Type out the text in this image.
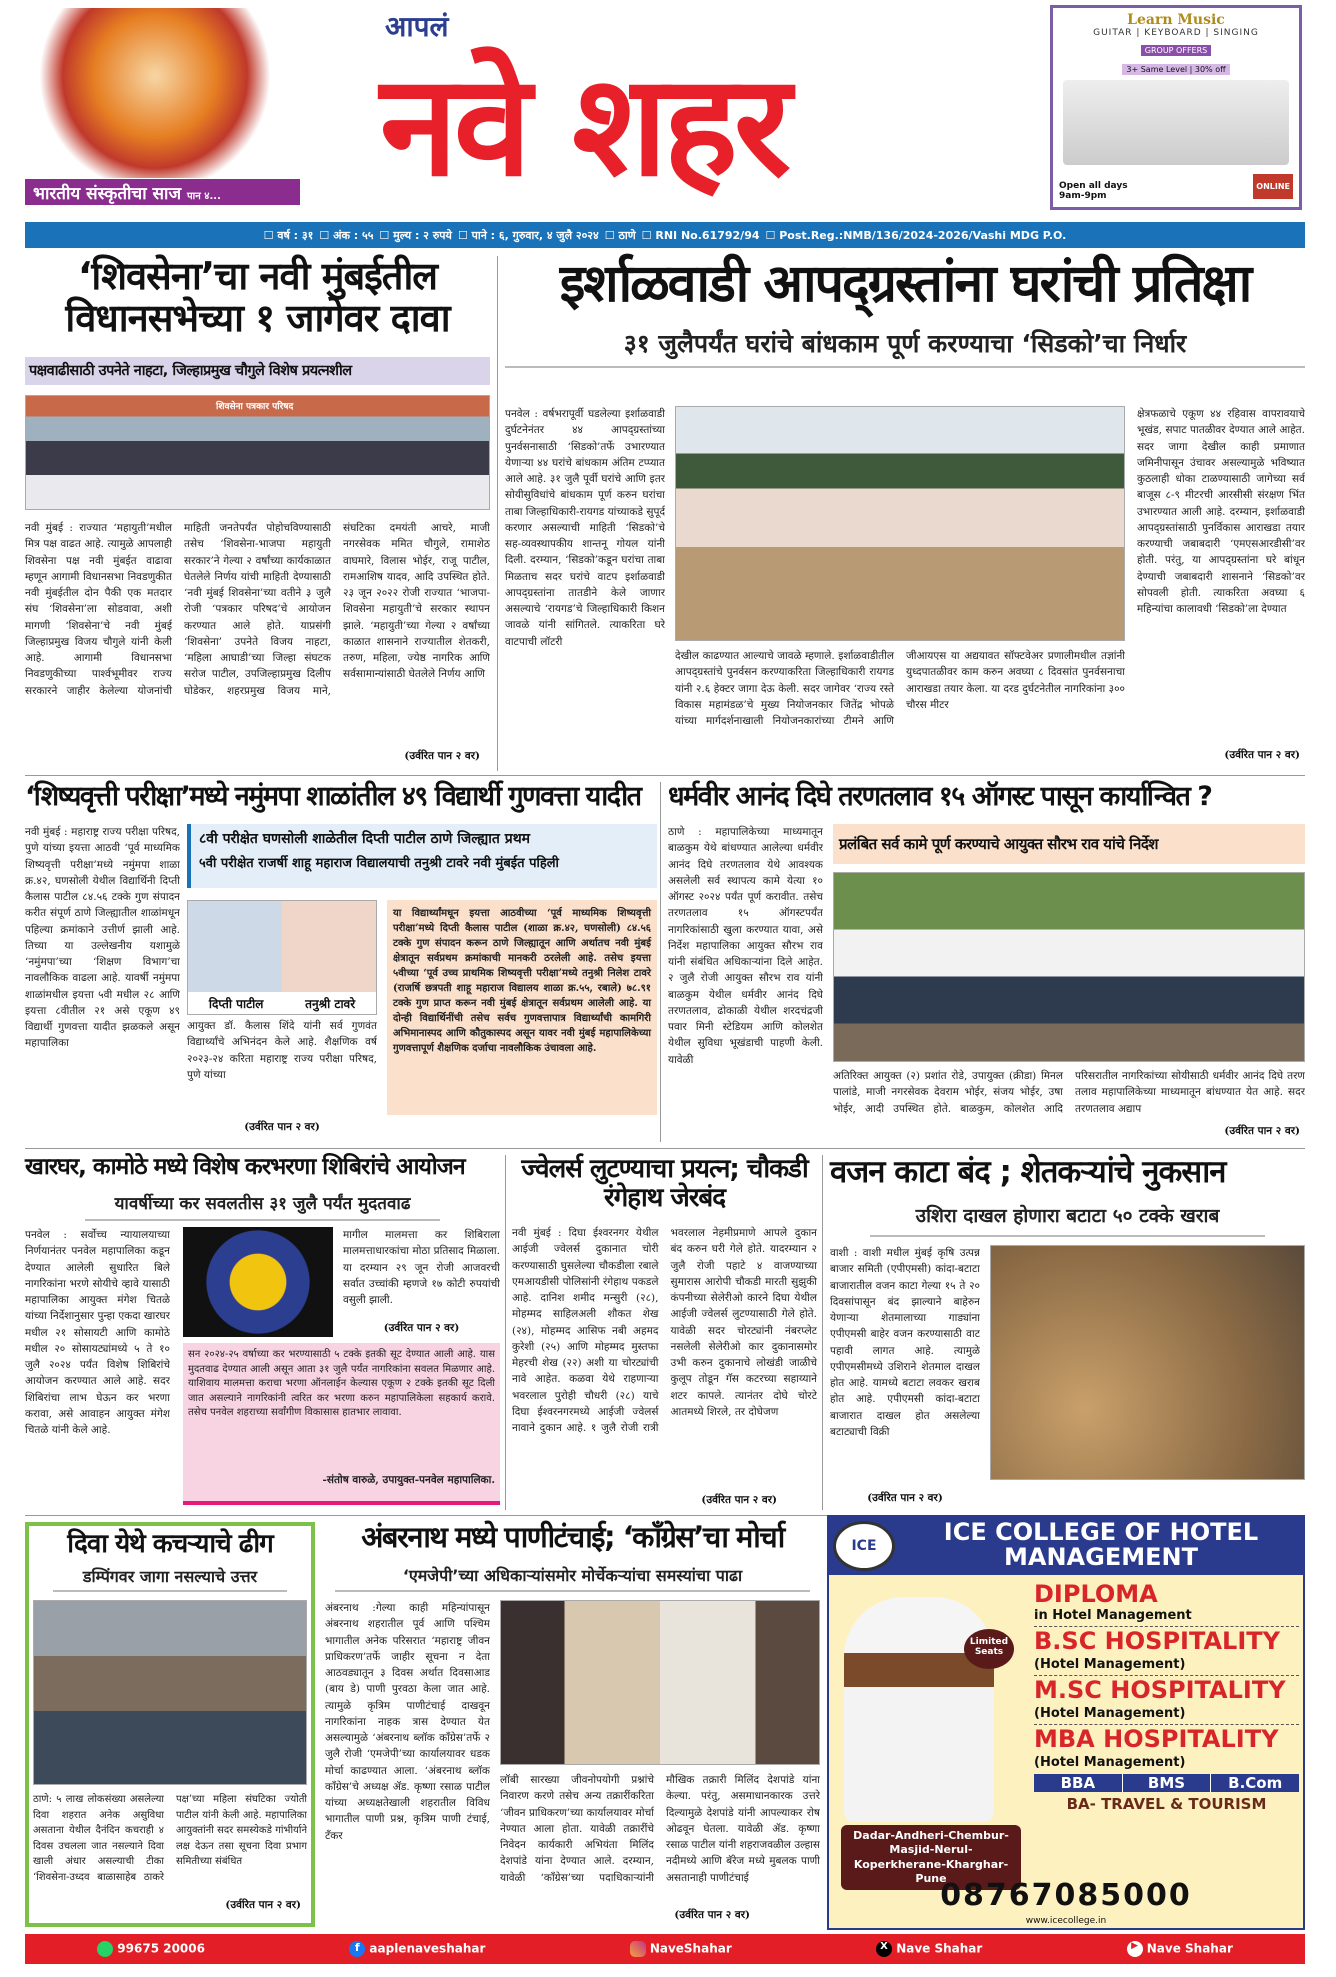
भारतीय संस्कृतीचा साज पान ४...
आपलं
नवे शहर
Learn Music
GUITAR | KEYBOARD | SINGING
GROUP OFFERS
3+ Same Level | 30% off
Open all days
9am-9pm
ONLINE
☐ वर्ष : ३१ ☐ अंक : ५५ ☐ मुल्य : २ रुपये ☐ पाने : ६, गुरुवार, ४ जुलै २०२४ ☐ ठाणे ☐ RNI No.61792/94 ☐ Post.Reg.:NMB/136/2024-2026/Vashi MDG P.O.
‘शिवसेना’चा नवी मुंबईतील विधानसभेच्या १ जागेवर दावा
पक्षवाढीसाठी उपनेते नाहटा, जिल्हाप्रमुख चौगुले विशेष प्रयत्नशील
शिवसेना पत्रकार परिषद
नवी मुंबई : राज्यात ‘महायुती’मधील मित्र पक्ष वाढत आहे. त्यामुळे आपलाही शिवसेना पक्ष नवी मुंबईत वाढावा म्हणून आगामी विधानसभा निवडणुकीत नवी मुंबईतील दोन पैकी एक मतदार संघ ‘शिवसेना’ला सोडवावा, अशी मागणी ‘शिवसेना’चे नवी मुंबई जिल्हाप्रमुख विजय चौगुले यांनी केली आहे. आगामी विधानसभा निवडणुकीच्या पार्श्वभूमीवर राज्य सरकारने जाहीर केलेल्या योजनांची माहिती जनतेपर्यंत पोहोचविण्यासाठी तसेच ‘शिवसेना-भाजपा महायुती सरकार’ने गेल्या २ वर्षांच्या कार्यकाळात घेतलेले निर्णय यांची माहिती देण्यासाठी ‘नवी मुंबई शिवसेना’च्या वतीने ३ जुलै रोजी ‘पत्रकार परिषद’चे आयोजन करण्यात आले होते. याप्रसंगी ‘शिवसेना’ उपनेते विजय नाहटा, ‘महिला आघाडी’च्या जिल्हा संघटक सरोज पाटील, उपजिल्हाप्रमुख दिलीप घोडेकर, शहरप्रमुख विजय माने, संघटिका दमयंती आचरे, माजी नगरसेवक ममित चौगुले, रामाशेठ वाघमारे, विलास भोईर, राजू पाटील, रामआशिष यादव, आदि उपस्थित होते. २३ जून २०२२ रोजी राज्यात ‘भाजपा-शिवसेना महायुती’चे सरकार स्थापन झाले. ‘महायुती’च्या गेल्या २ वर्षांच्या काळात शासनाने राज्यातील शेतकरी, तरुण, महिला, ज्येष्ठ नागरिक आणि सर्वसामान्यांसाठी घेतलेले निर्णय आणि
(उर्वरित पान २ वर)
इर्शाळवाडी आपद्ग्रस्तांना घरांची प्रतिक्षा
३१ जुलैपर्यंत घरांचे बांधकाम पूर्ण करण्याचा ‘सिडको’चा निर्धार
पनवेल : वर्षभरापूर्वी घडलेल्या इर्शाळवाडी दुर्घटनेनंतर ४४ आपद्ग्रस्तांच्या पुनर्वसनासाठी ‘सिडको’तर्फे उभारण्यात येणाऱ्या ४४ घरांचे बांधकाम अंतिम टप्प्यात आले आहे. ३१ जुलै पूर्वी घरांचे आणि इतर सोयीसुविधांचे बांधकाम पूर्ण करुन घरांचा ताबा जिल्हाधिकारी-रायगड यांच्याकडे सुपूर्द करणार असल्याची माहिती ‘सिडको’चे सह-व्यवस्थापकीय शान्तनू गोयल यांनी दिली. दरम्यान, ‘सिडको’कडून घरांचा ताबा मिळताच सदर घरांचे वाटप इर्शाळवाडी आपद्ग्रस्तांना तातडीने केले जाणार असल्याचे ‘रायगड’चे जिल्हाधिकारी किशन जावळे यांनी सांगितले. त्याकरिता घरे वाटपाची लॉटरी
देखील काढण्यात आल्याचे जावळे म्हणाले. इर्शाळवाडीतील आपद्ग्रस्तांचे पुनर्वसन करण्याकरिता जिल्हाधिकारी रायगड यांनी २.६ हेक्टर जागा देऊ केली. सदर जागेवर ‘राज्य रस्ते विकास महामंडळ’चे मुख्य नियोजनकार जितेंद्र भोपळे यांच्या मार्गदर्शनाखाली नियोजनकारांच्या टीमने आणि जीआयएस या अद्ययावत सॉफ्टवेअर प्रणालीमधील तज्ञांनी युध्दपातळीवर काम करुन अवघ्या ८ दिवसांत पुनर्वसनाचा आराखडा तयार केला. या दरड दुर्घटनेतील नागरिकांना ३०० चौरस मीटर
क्षेत्रफळाचे एकूण ४४ रहिवास वापरावयाचे भूखंड, सपाट पातळीवर देण्यात आले आहेत. सदर जागा देखील काही प्रमाणात जमिनीपासून उंचावर असल्यामुळे भविष्यात कुठलाही धोका टाळण्यासाठी जागेच्या सर्व बाजूस ८-९ मीटरची आरसीसी संरक्षण भिंत उभारण्यात आली आहे. दरम्यान, इर्शाळवाडी आपद्ग्रस्तांसाठी पुनर्विकास आराखडा तयार करण्याची जबाबदारी ‘एमएसआरडीसी’वर होती. परंतु, या आपद्ग्रस्तांना घरे बांधून देण्याची जबाबदारी शासनाने ‘सिडको’वर सोपवली होती. त्याकरिता अवघ्या ६ महिन्यांचा कालावधी ‘सिडको’ला देण्यात
(उर्वरित पान २ वर)
‘शिष्यवृत्ती परीक्षा’मध्ये नमुंमपा शाळांतील ४९ विद्यार्थी गुणवत्ता यादीत
नवी मुंबई : महाराष्ट्र राज्य परीक्षा परिषद, पुणे यांच्या इयत्ता आठवी ‘पूर्व माध्यमिक शिष्यवृत्ती परीक्षा’मध्ये नमुंमपा शाळा क्र.४२, घणसोली येथील विद्यार्थिनी दिप्ती कैलास पाटील ८४.५६ टक्के गुण संपादन करीत संपूर्ण ठाणे जिल्ह्यातील शाळांमधून पहिल्या क्रमांकाने उत्तीर्ण झाली आहे. तिच्या या उल्लेखनीय यशामुळे ‘नमुंमपा’च्या ‘शिक्षण विभाग’चा नावलौकिक वाढला आहे. यावर्षी नमुंमपा शाळांमधील इयत्ता ५वी मधील २८ आणि इयत्ता ८वीतील २१ असे एकूण ४९ विद्यार्थी गुणवत्ता यादीत झळकले असून महापालिका
८वी परीक्षेत घणसोली शाळेतील दिप्ती पाटील ठाणे जिल्ह्यात प्रथम
५वी परीक्षेत राजर्षी शाहू महाराज विद्यालयाची तनुश्री टावरे नवी मुंबईत पहिली
दिप्ती पाटील	तनुश्री टावरे
आयुक्त डॉ. कैलास शिंदे यांनी सर्व गुणवंत विद्यार्थ्यांचे अभिनंदन केले आहे. शैक्षणिक वर्ष २०२३-२४ करिता महाराष्ट्र राज्य परीक्षा परिषद, पुणे यांच्या
(उर्वरित पान २ वर)
या विद्यार्थ्यांमधून इयत्ता आठवीच्या ‘पूर्व माध्यमिक शिष्यवृत्ती परीक्षा’मध्ये दिप्ती कैलास पाटील (शाळा क्र.४२, घणसोली) ८४.५६ टक्के गुण संपादन करून ठाणे जिल्ह्यातून आणि अर्थातच नवी मुंबई क्षेत्रातून सर्वप्रथम क्रमांकाची मानकरी ठरलेली आहे. तसेच इयत्ता ५वीच्या ‘पूर्व उच्च प्राथमिक शिष्यवृत्ती परीक्षा’मध्ये तनुश्री निलेश टावरे (राजर्षि छत्रपती शाहू महाराज विद्यालय शाळा क्र.५५, रबाले) ७८.९१ टक्के गुण प्राप्त करून नवी मुंबई क्षेत्रातून सर्वप्रथम आलेली आहे. या दोन्ही विद्यार्थिनींची तसेच सर्वच गुणवत्तापात्र विद्यार्थ्यांची कामगिरी अभिमानास्पद आणि कौतुकास्पद असून यावर नवी मुंबई महापालिकेच्या गुणवत्तापूर्ण शैक्षणिक दर्जाचा नावलौकिक उंचावला आहे.
धर्मवीर आनंद दिघे तरणतलाव १५ ऑगस्ट पासून कार्यान्वित ?
ठाणे : महापालिकेच्या माध्यमातून बाळकुम येथे बांधण्यात आलेल्या धर्मवीर आनंद दिघे तरणतलाव येथे आवश्यक असलेली सर्व स्थापत्य कामे येत्या १० ऑगस्ट २०२४ पर्यंत पूर्ण करावीत. तसेच तरणतलाव १५ ऑगस्टपर्यंत नागरिकांसाठी खुला करण्यात यावा, असे निर्देश महापालिका आयुक्त सौरभ राव यांनी संबंधित अधिकाऱ्यांना दिले आहेत. २ जुलै रोजी आयुक्त सौरभ राव यांनी बाळकुम येथील धर्मवीर आनंद दिघे तरणतलाव, ढोकाळी येथील शरदचंद्रजी पवार मिनी स्टेडियम आणि कोलशेत येथील सुविधा भूखंडाची पाहणी केली. यावेळी
प्रलंबित सर्व कामे पूर्ण करण्याचे आयुक्त सौरभ राव यांचे निर्देश
अतिरिक्त आयुक्त (२) प्रशांत रोडे, उपायुक्त (क्रीडा) मिनल पालांडे, माजी नगरसेवक देवराम भोईर, संजय भोईर, उषा भोईर, आदी उपस्थित होते. बाळकुम, कोलशेत आदि परिसरातील नागरिकांच्या सोयीसाठी धर्मवीर आनंद दिघे तरण तलाव महापालिकेच्या माध्यमातून बांधण्यात येत आहे. सदर तरणतलाव अद्याप
(उर्वरित पान २ वर)
खारघर, कामोठे मध्ये विशेष करभरणा शिबिरांचे आयोजन
यावर्षीच्या कर सवलतीस ३१ जुलै पर्यंत मुदतवाढ
पनवेल : सर्वोच्च न्यायालयाच्या निर्णयानंतर पनवेल महापालिका कडून देण्यात आलेली सुधारित बिले नागरिकांना भरणे सोयीचे व्हावे यासाठी महापालिका आयुक्त मंगेश चितळे यांच्या निर्देशानुसार पुन्हा एकदा खारघर मधील २१ सोसायटी आणि कामोठे मधील २० सोसायट्यांमध्ये ५ ते १० जुलै २०२४ पर्यंत विशेष शिबिरांचे आयोजन करण्यात आले आहे. सदर शिबिरांचा लाभ घेऊन कर भरणा करावा, असे आवाहन आयुक्त मंगेश चितळे यांनी केले आहे.
मागील मालमत्ता कर शिबिराला मालमत्ताधारकांचा मोठा प्रतिसाद मिळाला. या दरम्यान २९ जून रोजी आजवरची सर्वात उच्चांकी म्हणजे १७ कोटी रुपयांची वसुली झाली.
(उर्वरित पान २ वर)
सन २०२४-२५ वर्षाच्या कर भरण्यासाठी ५ टक्के इतकी सूट देण्यात आली आहे. यास मुदतवाढ देण्यात आली असून आता ३१ जुलै पर्यंत नागरिकांना सवलत मिळणार आहे. याशिवाय मालमत्ता कराचा भरणा ऑनलाईन केल्यास एकूण २ टक्के इतकी सूट दिली जात असल्याने नागरिकांनी त्वरित कर भरणा करुन महापालिकेला सहकार्य करावे. तसेच पनवेल शहराच्या सर्वांगीण विकासास हातभार लावावा.
-संतोष वारुळे, उपायुक्त-पनवेल महापालिका.
ज्वेलर्स लुटण्याचा प्रयत्न; चौकडी रंगेहाथ जेरबंद
नवी मुंबई : दिघा ईश्वरनगर येथील आईजी ज्वेलर्स दुकानात चोरी करण्यासाठी घुसलेल्या चौकडीला रबाले एमआयडीसी पोलिसांनी रंगेहाथ पकडले आहे. दानिश शमीद मन्सुरी (२८), मोहम्मद साहिलअली शौकत शेख (२४), मोहम्मद आसिफ नबी अहमद कुरेशी (२५) आणि मोहम्मद मुस्तफा मेहरची शेख (२२) अशी या चोरट्यांची नावे आहेत. कळवा येथे राहणाऱ्या भवरलाल पुरोही चौधरी (२८) याचे दिघा ईश्वरनगरमध्ये आईजी ज्वेलर्स नावाने दुकान आहे. १ जुलै रोजी रात्री भवरलाल नेहमीप्रमाणे आपले दुकान बंद करुन घरी गेले होते. यादरम्यान २ जुलै रोजी पहाटे ४ वाजण्याच्या सुमारास आरोपी चौकडी मारती सुझुकी कंपनीच्या सेलेरीओ कारने दिघा येथील आईजी ज्वेलर्स लुटण्यासाठी गेले होते. यावेळी सदर चोरट्यांनी नंबरप्लेट नसलेली सेलेरीओ कार दुकानासमोर उभी करुन दुकानाचे लोखंडी जाळीचे कुलूप तोडून गॅस कटरच्या सहाय्याने शटर कापले. त्यानंतर दोघे चोरटे आतमध्ये शिरले, तर दोघेजण
(उर्वरित पान २ वर)
वजन काटा बंद ; शेतकऱ्यांचे नुकसान
उशिरा दाखल होणारा बटाटा ५० टक्के खराब
वाशी : वाशी मधील मुंबई कृषि उत्पन्न बाजार समिती (एपीएमसी) कांदा-बटाटा बाजारातील वजन काटा गेल्या १५ ते २० दिवसांपासून बंद झाल्याने बाहेरुन येणाऱ्या शेतमालाच्या गाड्यांना एपीएमसी बाहेर वजन करण्यासाठी वाट पहावी लागत आहे. त्यामुळे एपीएमसीमध्ये उशिराने शेतमाल दाखल होत आहे. यामध्ये बटाटा लवकर खराब होत आहे. एपीएमसी कांदा-बटाटा बाजारात दाखल होत असलेल्या बटाट्याची विक्री
(उर्वरित पान २ वर)
दिवा येथे कचऱ्याचे ढीग
डम्पिंगवर जागा नसल्याचे उत्तर
ठाणे: ५ लाख लोकसंख्या असलेल्या दिवा शहरात अनेक असुविधा असताना येथील दैनंदिन कचराही ४ दिवस उचलला जात नसल्याने दिवा खाली अंधार असल्याची टीका ‘शिवसेना-उध्दव बाळासाहेब ठाकरे पक्ष’च्या महिला संघटिका ज्योती पाटील यांनी केली आहे. महापालिका आयुक्तांनी सदर समस्येकडे गांभीर्याने लक्ष देऊन तसा सूचना दिवा प्रभाग समितीच्या संबंधित
(उर्वरित पान २ वर)
अंबरनाथ मध्ये पाणीटंचाई; ‘काँग्रेस’चा मोर्चा
‘एमजेपी’च्या अधिकाऱ्यांसमोर मोर्चेकऱ्यांचा समस्यांचा पाढा
अंबरनाथ :गेल्या काही महिन्यांपासून अंबरनाथ शहरातील पूर्व आणि पश्चिम भागातील अनेक परिसरात ‘महाराष्ट्र जीवन प्राधिकरण’तर्फे जाहीर सूचना न देता आठवड्यातून ३ दिवस अर्थात दिवसाआड (बाय डे) पाणी पुरवठा केला जात आहे. त्यामुळे कृत्रिम पाणीटंचाई दाखवून नागरिकांना नाहक त्रास देण्यात येत असल्यामुळे ‘अंबरनाथ ब्लॉक काँग्रेस’तर्फे २ जुलै रोजी ‘एमजेपी’च्या कार्यालयावर धडक मोर्चा काढण्यात आला. ‘अंबरनाथ ब्लॉक काँग्रेस’चे अध्यक्ष ॲड. कृष्णा रसाळ पाटील यांच्या अध्यक्षतेखाली शहरातील विविध भागातील पाणी प्रश्न, कृत्रिम पाणी टंचाई, टँकर
लॉबी सारख्या जीवनोपयोगी प्रश्नांचे निवारण करणे तसेच अन्य तक्रारींकरिता ‘जीवन प्राधिकरण’च्या कार्यालयावर मोर्चा नेण्यात आला होता. यावेळी तक्रारींचे निवेदन कार्यकारी अभियंता मिलिंद देशपांडे यांना देण्यात आले. दरम्यान, यावेळी ‘काँग्रेस’च्या पदाधिकाऱ्यांनी मौखिक तक्रारी मिलिंद देशपांडे यांना केल्या. परंतु, असमाधानकारक उत्तरे दिल्यामुळे देशपांडे यांनी आपल्याकर रोष ओढवून घेतला. यावेळी ॲड. कृष्णा रसाळ पाटील यांनी शहराजवळील उल्हास नदीमध्ये आणि बॅरेज मध्ये मुबलक पाणी असतानाही पाणीटंचाई
(उर्वरित पान २ वर)
ICE	ICE COLLEGE OF HOTEL MANAGEMENT
Limited Seats
DIPLOMA
in Hotel Management
B.SC HOSPITALITY
(Hotel Management)
M.SC HOSPITALITY
(Hotel Management)
MBA HOSPITALITY
(Hotel Management)
BBA	BMS	B.Com
BA- TRAVEL & TOURISM
Dadar-Andheri-Chembur-Masjid-Nerul-Koperkherane-Kharghar-Pune
08767085000
www.icecollege.in
99675 20006	f aaplenaveshahar	NaveShahar	X Nave Shahar	▶ Nave Shahar
